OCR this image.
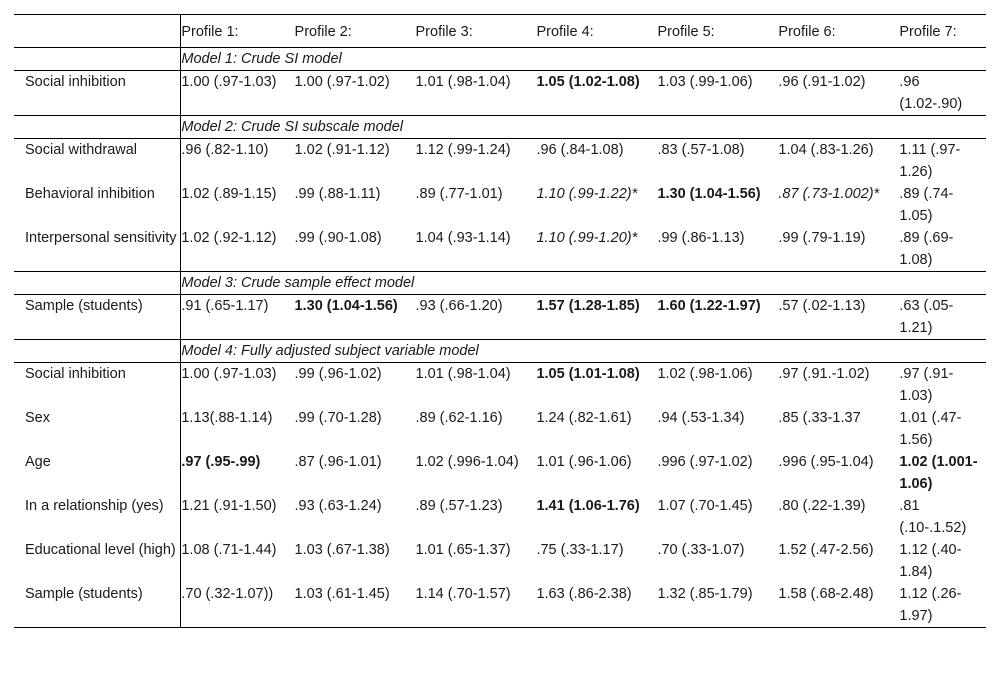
	Profile 1:	Profile 2:	Profile 3:	Profile 4:	Profile 5:	Profile 6:	Profile 7:
	Model 1: Crude SI model						
Social inhibition	1.00 (.97-1.03)	1.00 (.97-1.02)	1.01 (.98-1.04)	1.05 (1.02-1.08)	1.03 (.99-1.06)	.96 (.91-1.02)	.96 (1.02-.90)
	Model 2: Crude SI subscale model						
Social withdrawal	.96 (.82-1.10)	1.02 (.91-1.12)	1.12 (.99-1.24)	.96 (.84-1.08)	.83 (.57-1.08)	1.04 (.83-1.26)	1.11 (.97-1.26)
Behavioral inhibition	1.02 (.89-1.15)	.99 (.88-1.11)	.89 (.77-1.01)	1.10 (.99-1.22)*	1.30 (1.04-1.56)	.87 (.73-1.002)*	.89 (.74-1.05)
Interpersonal sensitivity	1.02 (.92-1.12)	.99 (.90-1.08)	1.04 (.93-1.14)	1.10 (.99-1.20)*	.99 (.86-1.13)	.99 (.79-1.19)	.89 (.69-1.08)
	Model 3: Crude sample effect model						
Sample (students)	.91 (.65-1.17)	1.30 (1.04-1.56)	.93 (.66-1.20)	1.57 (1.28-1.85)	1.60 (1.22-1.97)	.57 (.02-1.13)	.63 (.05-1.21)
	Model 4: Fully adjusted subject variable model						
Social inhibition	1.00 (.97-1.03)	.99 (.96-1.02)	1.01 (.98-1.04)	1.05 (1.01-1.08)	1.02 (.98-1.06)	.97 (.91.-1.02)	.97 (.91-1.03)
Sex	1.13(.88-1.14)	.99 (.70-1.28)	.89 (.62-1.16)	1.24 (.82-1.61)	.94 (.53-1.34)	.85 (.33-1.37	1.01 (.47-1.56)
Age	.97 (.95-.99)	.87 (.96-1.01)	1.02 (.996-1.04)	1.01 (.96-1.06)	.996 (.97-1.02)	.996 (.95-1.04)	1.02 (1.001-1.06)
In a relationship (yes)	1.21 (.91-1.50)	.93 (.63-1.24)	.89 (.57-1.23)	1.41 (1.06-1.76)	1.07 (.70-1.45)	.80 (.22-1.39)	.81 (.10-.1.52)
Educational level (high)	1.08 (.71-1.44)	1.03 (.67-1.38)	1.01 (.65-1.37)	.75 (.33-1.17)	.70 (.33-1.07)	1.52 (.47-2.56)	1.12 (.40-1.84)
Sample (students)	.70 (.32-1.07))	1.03 (.61-1.45)	1.14 (.70-1.57)	1.63 (.86-2.38)	1.32 (.85-1.79)	1.58 (.68-2.48)	1.12 (.26-1.97)
